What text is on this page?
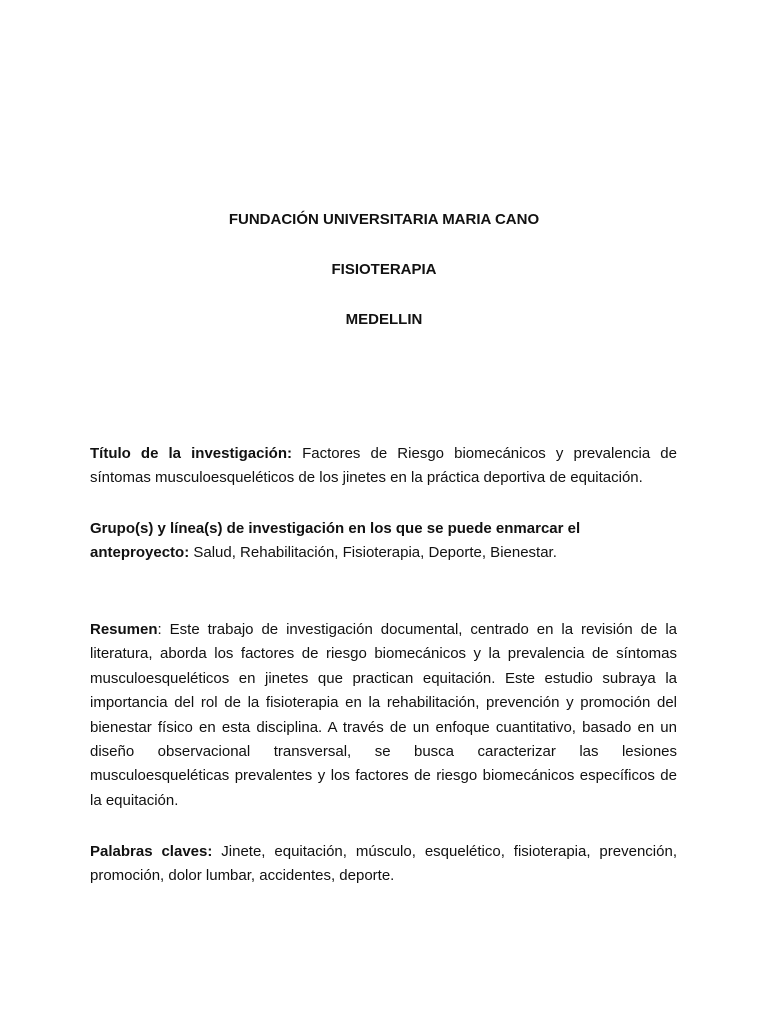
FUNDACIÓN UNIVERSITARIA MARIA CANO
FISIOTERAPIA
MEDELLIN

Título de la investigación: Factores de Riesgo biomecánicos y prevalencia de síntomas musculoesqueléticos de los jinetes en la práctica deportiva de equitación.

Grupo(s) y línea(s) de investigación en los que se puede enmarcar el anteproyecto: Salud, Rehabilitación, Fisioterapia, Deporte, Bienestar.

Resumen: Este trabajo de investigación documental, centrado en la revisión de la literatura, aborda los factores de riesgo biomecánicos y la prevalencia de síntomas musculoesqueléticos en jinetes que practican equitación. Este estudio subraya la importancia del rol de la fisioterapia en la rehabilitación, prevención y promoción del bienestar físico en esta disciplina. A través de un enfoque cuantitativo, basado en un diseño observacional transversal, se busca caracterizar las lesiones musculoesqueléticas prevalentes y los factores de riesgo biomecánicos específicos de la equitación.

Palabras claves: Jinete, equitación, músculo, esquelético, fisioterapia, prevención, promoción, dolor lumbar, accidentes, deporte.
